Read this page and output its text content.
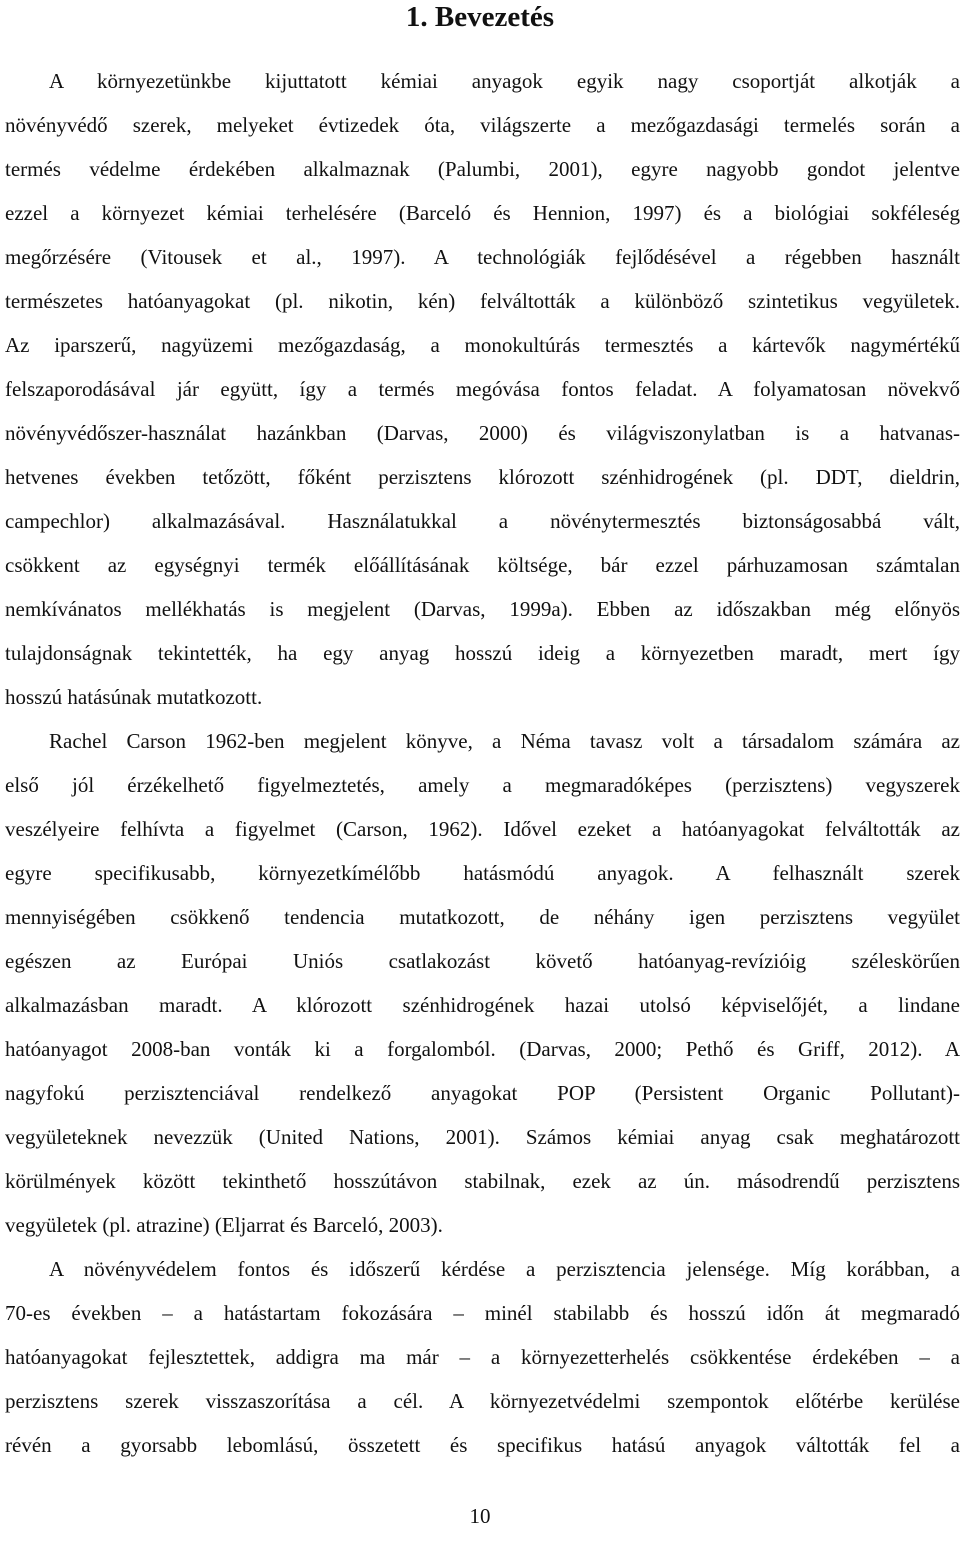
1. Bevezetés
A környezetünkbe kijuttatott kémiai anyagok egyik nagy csoportját alkotják a
növényvédő szerek, melyeket évtizedek óta, világszerte a mezőgazdasági termelés során a
termés védelme érdekében alkalmaznak (Palumbi, 2001), egyre nagyobb gondot jelentve
ezzel a környezet kémiai terhelésére (Barceló és Hennion, 1997) és a biológiai sokféleség
megőrzésére (Vitousek et al., 1997). A technológiák fejlődésével a régebben használt
természetes hatóanyagokat (pl. nikotin, kén) felváltották a különböző szintetikus vegyületek.
Az iparszerű, nagyüzemi mezőgazdaság, a monokultúrás termesztés a kártevők nagymértékű
felszaporodásával jár együtt, így a termés megóvása fontos feladat. A folyamatosan növekvő
növényvédőszer-használat hazánkban (Darvas, 2000) és világviszonylatban is a hatvanas-
hetvenes években tetőzött, főként perzisztens klórozott szénhidrogének (pl. DDT, dieldrin,
campechlor) alkalmazásával. Használatukkal a növénytermesztés biztonságosabbá vált,
csökkent az egységnyi termék előállításának költsége, bár ezzel párhuzamosan számtalan
nemkívánatos mellékhatás is megjelent (Darvas, 1999a). Ebben az időszakban még előnyös
tulajdonságnak tekintették, ha egy anyag hosszú ideig a környezetben maradt, mert így
hosszú hatásúnak mutatkozott.
Rachel Carson 1962-ben megjelent könyve, a Néma tavasz volt a társadalom számára az
első jól érzékelhető figyelmeztetés, amely a megmaradóképes (perzisztens) vegyszerek
veszélyeire felhívta a figyelmet (Carson, 1962). Idővel ezeket a hatóanyagokat felváltották az
egyre specifikusabb, környezetkímélőbb hatásmódú anyagok. A felhasznált szerek
mennyiségében csökkenő tendencia mutatkozott, de néhány igen perzisztens vegyület
egészen az Európai Uniós csatlakozást követő hatóanyag-revízióig széleskörűen
alkalmazásban maradt. A klórozott szénhidrogének hazai utolsó képviselőjét, a lindane
hatóanyagot 2008-ban vonták ki a forgalomból. (Darvas, 2000; Pethő és Griff, 2012). A
nagyfokú perzisztenciával rendelkező anyagokat POP (Persistent Organic Pollutant)-
vegyületeknek nevezzük (United Nations, 2001). Számos kémiai anyag csak meghatározott
körülmények között tekinthető hosszútávon stabilnak, ezek az ún. másodrendű perzisztens
vegyületek (pl. atrazine) (Eljarrat és Barceló, 2003).
A növényvédelem fontos és időszerű kérdése a perzisztencia jelensége. Míg korábban, a
70-es években – a hatástartam fokozására – minél stabilabb és hosszú időn át megmaradó
hatóanyagokat fejlesztettek, addigra ma már – a környezetterhelés csökkentése érdekében – a
perzisztens szerek visszaszorítása a cél. A környezetvédelmi szempontok előtérbe kerülése
révén a gyorsabb lebomlású, összetett és specifikus hatású anyagok váltották fel a
10
